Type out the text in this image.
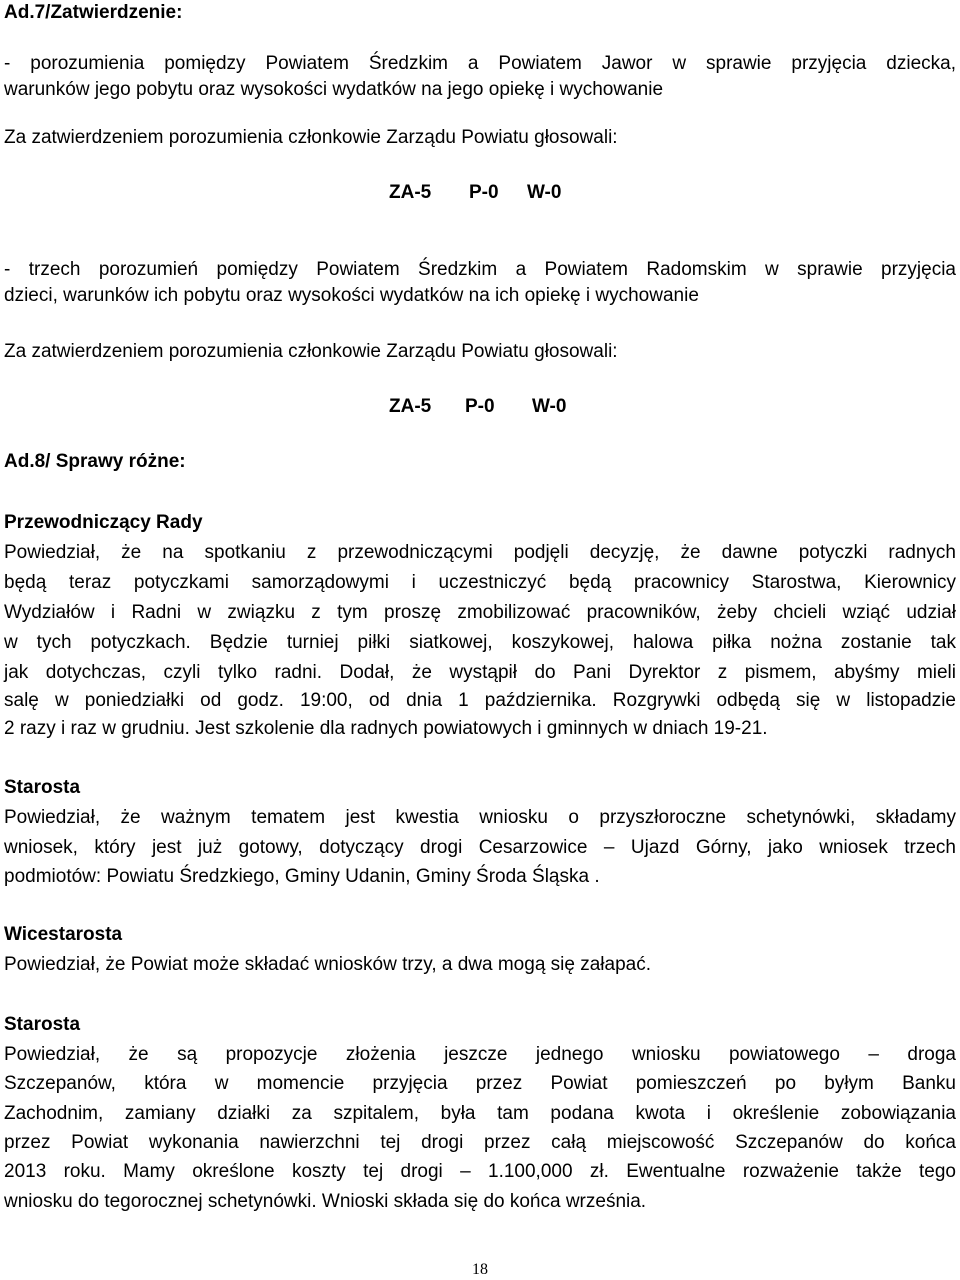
Ad.7/Zatwierdzenie:
- porozumienia pomiędzy Powiatem Średzkim a Powiatem Jawor w sprawie przyjęcia dziecka,
warunków jego pobytu oraz wysokości wydatków na jego opiekę i wychowanie
Za zatwierdzeniem porozumienia członkowie Zarządu Powiatu głosowali:
ZA-5 P-0 W-0
- trzech porozumień pomiędzy Powiatem Średzkim a Powiatem Radomskim w sprawie przyjęcia
dzieci, warunków ich pobytu oraz wysokości wydatków na ich opiekę i wychowanie
Za zatwierdzeniem porozumienia członkowie Zarządu Powiatu głosowali:
ZA-5 P-0 W-0
Ad.8/ Sprawy różne:
Przewodniczący Rady
Powiedział, że na spotkaniu z przewodniczącymi podjęli decyzję, że dawne potyczki radnych
będą teraz potyczkami samorządowymi i uczestniczyć będą pracownicy Starostwa, Kierownicy
Wydziałów i Radni w związku z tym proszę zmobilizować pracowników, żeby chcieli wziąć udział
w tych potyczkach. Będzie turniej piłki siatkowej, koszykowej, halowa piłka nożna zostanie tak
jak dotychczas, czyli tylko radni. Dodał, że wystąpił do Pani Dyrektor z pismem, abyśmy mieli
salę w poniedziałki od godz. 19:00, od dnia 1 października. Rozgrywki odbędą się w listopadzie
2 razy i raz w grudniu. Jest szkolenie dla radnych powiatowych i gminnych w dniach 19-21.
Starosta
Powiedział, że ważnym tematem jest kwestia wniosku o przyszłoroczne schetynówki, składamy
wniosek, który jest już gotowy, dotyczący drogi Cesarzowice – Ujazd Górny, jako wniosek trzech
podmiotów: Powiatu Średzkiego, Gminy Udanin, Gminy Środa Śląska .
Wicestarosta
Powiedział, że Powiat może składać wniosków trzy, a dwa mogą się załapać.
Starosta
Powiedział, że są propozycje złożenia jeszcze jednego wniosku powiatowego – droga
Szczepanów, która w momencie przyjęcia przez Powiat pomieszczeń po byłym Banku
Zachodnim, zamiany działki za szpitalem, była tam podana kwota i określenie zobowiązania
przez Powiat wykonania nawierzchni tej drogi przez całą miejscowość Szczepanów do końca
2013 roku. Mamy określone koszty tej drogi – 1.100,000 zł. Ewentualne rozważenie także tego
wniosku do tegorocznej schetynówki. Wnioski składa się do końca września.
18
